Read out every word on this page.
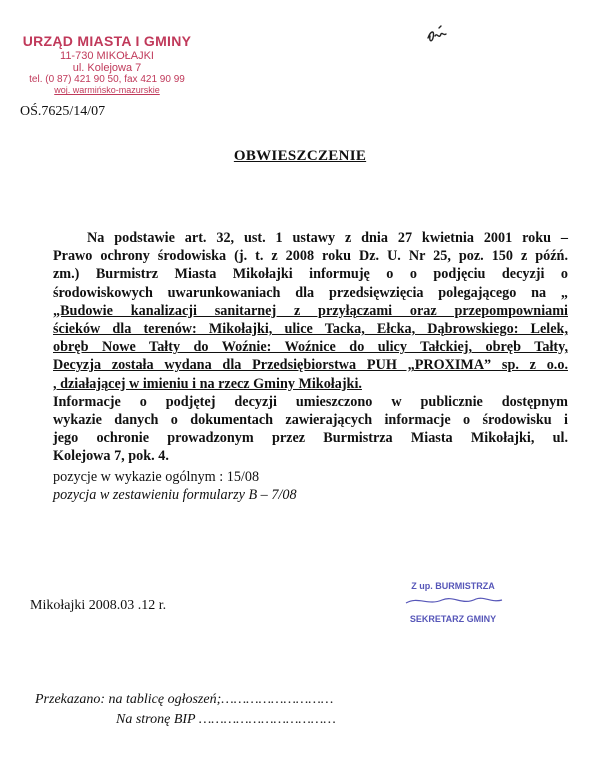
URZĄD MIASTA I GMINY
11-730 MIKOŁAJKI
ul. Kolejowa 7
tel. (0 87) 421 90 50, fax 421 90 99
woj. warmińsko-mazurskie
OŚ.7625/14/07
OBWIESZCZENIE

Na podstawie art. 32, ust. 1 ustawy z dnia 27 kwietnia 2001 roku –
Prawo ochrony środowiska (j. t. z 2008 roku Dz. U. Nr 25, poz. 150 z późń.
zm.) Burmistrz Miasta Mikołajki informuję o o podjęciu decyzji o
środowiskowych uwarunkowaniach dla przedsięwzięcia polegającego na „
„Budowie kanalizacji sanitarnej z przyłączami oraz przepompowniami
ścieków dla terenów: Mikołajki, ulice Tacka, Ełcka, Dąbrowskiego: Lelek,
obręb Nowe Tałty do Woźnie: Woźnice do ulicy Tałckiej, obręb Tałty,
Decyzja została wydana dla Przedsiębiorstwa PUH „PROXIMA” sp. z o.o.
, działającej w imieniu i na rzecz Gminy Mikołajki.

Informacje o podjętej decyzji umieszczono w publicznie dostępnym
wykazie danych o dokumentach zawierających informacje o środowisku i
jego ochronie prowadzonym przez Burmistrza Miasta Mikołajki, ul.
Kolejowa 7, pok. 4.

pozycje w wykazie ogólnym : 15/08
pozycja w zestawieniu formularzy B – 7/08
Mikołajki 2008.03 .12 r.
Z up. BURMISTRZA
SEKRETARZ GMINY
Przekazano: na tablicę ogłoszeń;………………………
Na stronę BIP ……………………………
